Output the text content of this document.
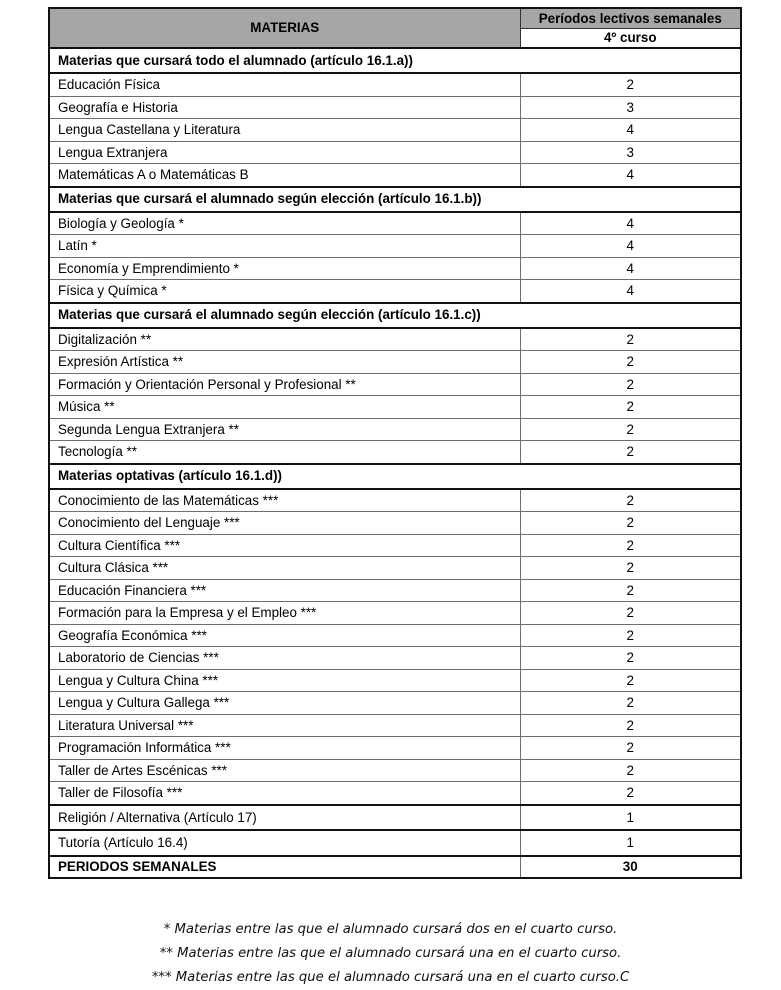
MATERIAS	Períodos lectivos semanales
	4º curso
Materias que cursará todo el alumnado (artículo 16.1.a))	
Educación Física	2
Geografía e Historia	3
Lengua Castellana y Literatura	4
Lengua Extranjera	3
Matemáticas A o Matemáticas B	4
Materias que cursará el alumnado según elección (artículo 16.1.b))	
Biología y Geología *	4
Latín *	4
Economía y Emprendimiento *	4
Física y Química *	4
Materias que cursará el alumnado según elección (artículo 16.1.c))	
Digitalización **	2
Expresión Artística **	2
Formación y Orientación Personal y Profesional **	2
Música **	2
Segunda Lengua Extranjera **	2
Tecnología **	2
Materias optativas (artículo 16.1.d))	
Conocimiento de las Matemáticas ***	2
Conocimiento del Lenguaje ***	2
Cultura Científica ***	2
Cultura Clásica ***	2
Educación Financiera ***	2
Formación para la Empresa y el Empleo ***	2
Geografía Económica ***	2
Laboratorio de Ciencias ***	2
Lengua y Cultura China ***	2
Lengua y Cultura Gallega ***	2
Literatura Universal ***	2
Programación Informática ***	2
Taller de Artes Escénicas ***	2
Taller de Filosofía ***	2
Religión / Alternativa (Artículo 17)	1
Tutoría (Artículo 16.4)	1
PERIODOS SEMANALES	30
* Materias entre las que el alumnado cursará dos en el cuarto curso.
** Materias entre las que el alumnado cursará una en el cuarto curso.
*** Materias entre las que el alumnado cursará una en el cuarto curso.C
